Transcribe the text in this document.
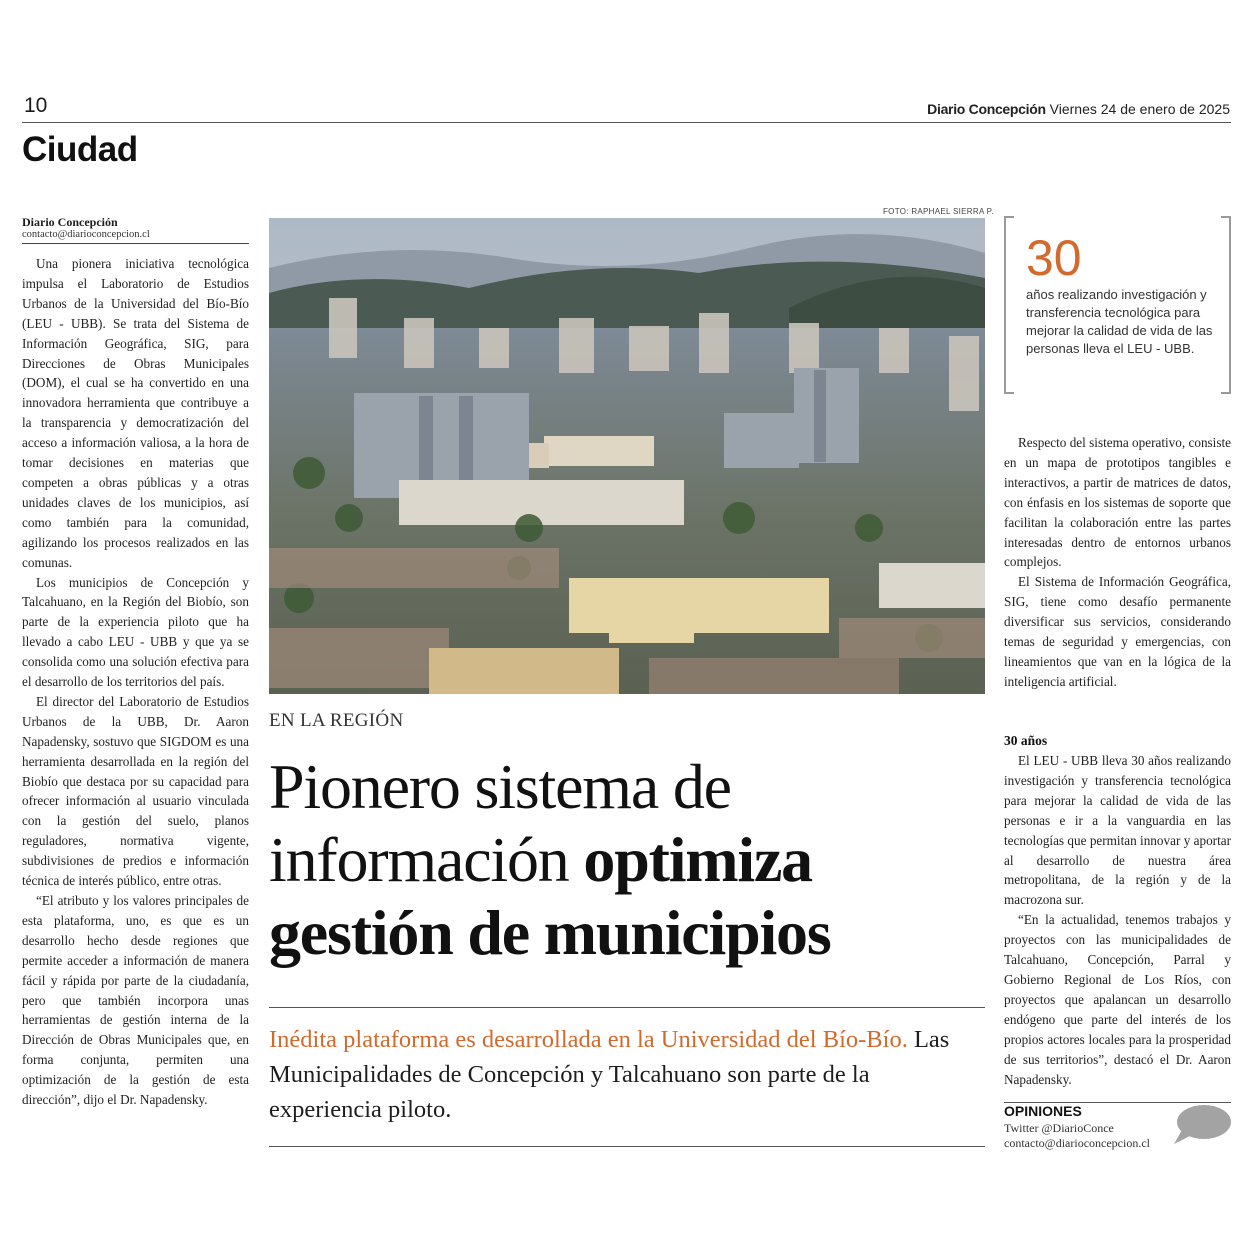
10	Diario Concepción Viernes 24 de enero de 2025
Ciudad
Diario Concepción
contacto@diarioconcepcion.cl

Una pionera iniciativa tecnológica impulsa el Laboratorio de Estudios Urbanos de la Universidad del Bío-Bío (LEU - UBB). Se trata del Sistema de Información Geográfica, SIG, para Direcciones de Obras Municipales (DOM), el cual se ha convertido en una innovadora herramienta que contribuye a la transparencia y democratización del acceso a información valiosa, a la hora de tomar decisiones en materias que competen a obras públicas y a otras unidades claves de los municipios, así como también para la comunidad, agilizando los procesos realizados en las comunas.

Los municipios de Concepción y Talcahuano, en la Región del Biobío, son parte de la experiencia piloto que ha llevado a cabo LEU - UBB y que ya se consolida como una solución efectiva para el desarrollo de los territorios del país.

El director del Laboratorio de Estudios Urbanos de la UBB, Dr. Aaron Napadensky, sostuvo que SIGDOM es una herramienta desarrollada en la región del Biobío que destaca por su capacidad para ofrecer información al usuario vinculada con la gestión del suelo, planos reguladores, normativa vigente, subdivisiones de predios e información técnica de interés público, entre otras.

“El atributo y los valores principales de esta plataforma, uno, es que es un desarrollo hecho desde regiones que permite acceder a información de manera fácil y rápida por parte de la ciudadanía, pero que también incorpora unas herramientas de gestión interna de la Dirección de Obras Municipales que, en forma conjunta, permiten una optimización de la gestión de esta dirección”, dijo el Dr. Napadensky.

FOTO: RAPHAEL SIERRA P.
EN LA REGIÓN
Pionero sistema de
información optimiza
gestión de municipios
Inédita plataforma es desarrollada en la Universidad del Bío-Bío. Las Municipalidades de Concepción y Talcahuano son parte de la experiencia piloto.
30
años realizando investigación y transferencia tecnológica para mejorar la calidad de vida de las personas lleva el LEU - UBB.

Respecto del sistema operativo, consiste en un mapa de prototipos tangibles e interactivos, a partir de matrices de datos, con énfasis en los sistemas de soporte que facilitan la colaboración entre las partes interesadas dentro de entornos urbanos complejos.

El Sistema de Información Geográfica, SIG, tiene como desafío permanente diversificar sus servicios, considerando temas de seguridad y emergencias, con lineamientos que van en la lógica de la inteligencia artificial.

30 años

El LEU - UBB lleva 30 años realizando investigación y transferencia tecnológica para mejorar la calidad de vida de las personas e ir a la vanguardia en las tecnologías que permitan innovar y aportar al desarrollo de nuestra área metropolitana, de la región y de la macrozona sur.

“En la actualidad, tenemos trabajos y proyectos con las municipalidades de Talcahuano, Concepción, Parral y Gobierno Regional de Los Ríos, con proyectos que apalancan un desarrollo endógeno que parte del interés de los propios actores locales para la prosperidad de sus territorios”, destacó el Dr. Aaron Napadensky.

OPINIONES
Twitter @DiarioConce
contacto@diarioconcepcion.cl
